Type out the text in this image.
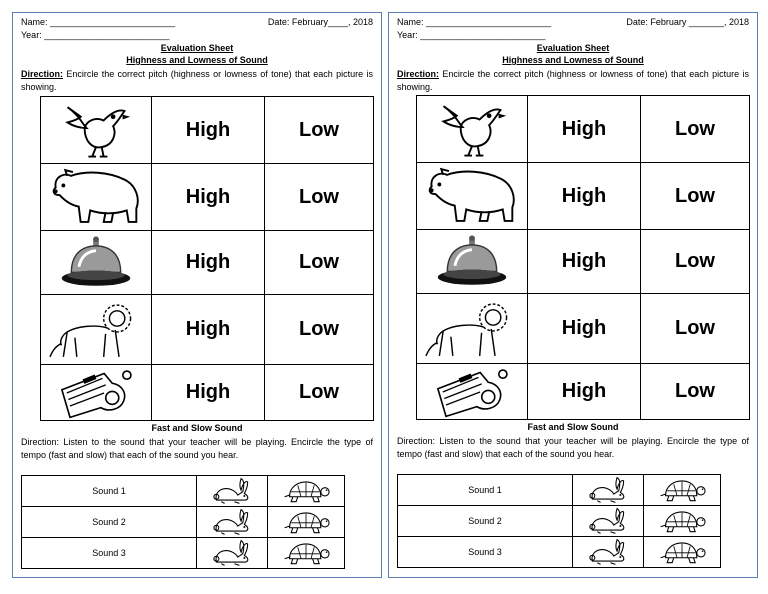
Name: _________________________	Date: February____, 2018
Year: _________________________
Evaluation Sheet
Highness and Lowness of Sound
Direction: Encircle the correct pitch (highness or lowness of tone) that each picture is showing.
	High	Low

	High	Low

	High	Low

	High	Low

	High	Low
Fast and Slow Sound
Direction: Listen to the sound that your teacher will be playing. Encircle the type of tempo (fast and slow) that each of the sound you hear.
Sound 1	

Sound 2	

Sound 3	

Name: _________________________	Date: February _______, 2018
Year: _________________________
Evaluation Sheet
Highness and Lowness of Sound
Direction: Encircle the correct pitch (highness or lowness of tone) that each picture is showing.
	High	Low

	High	Low

	High	Low

	High	Low

	High	Low
Fast and Slow Sound
Direction: Listen to the sound that your teacher will be playing. Encircle the type of tempo (fast and slow) that each of the sound you hear.
Sound 1	

Sound 2	

Sound 3	
